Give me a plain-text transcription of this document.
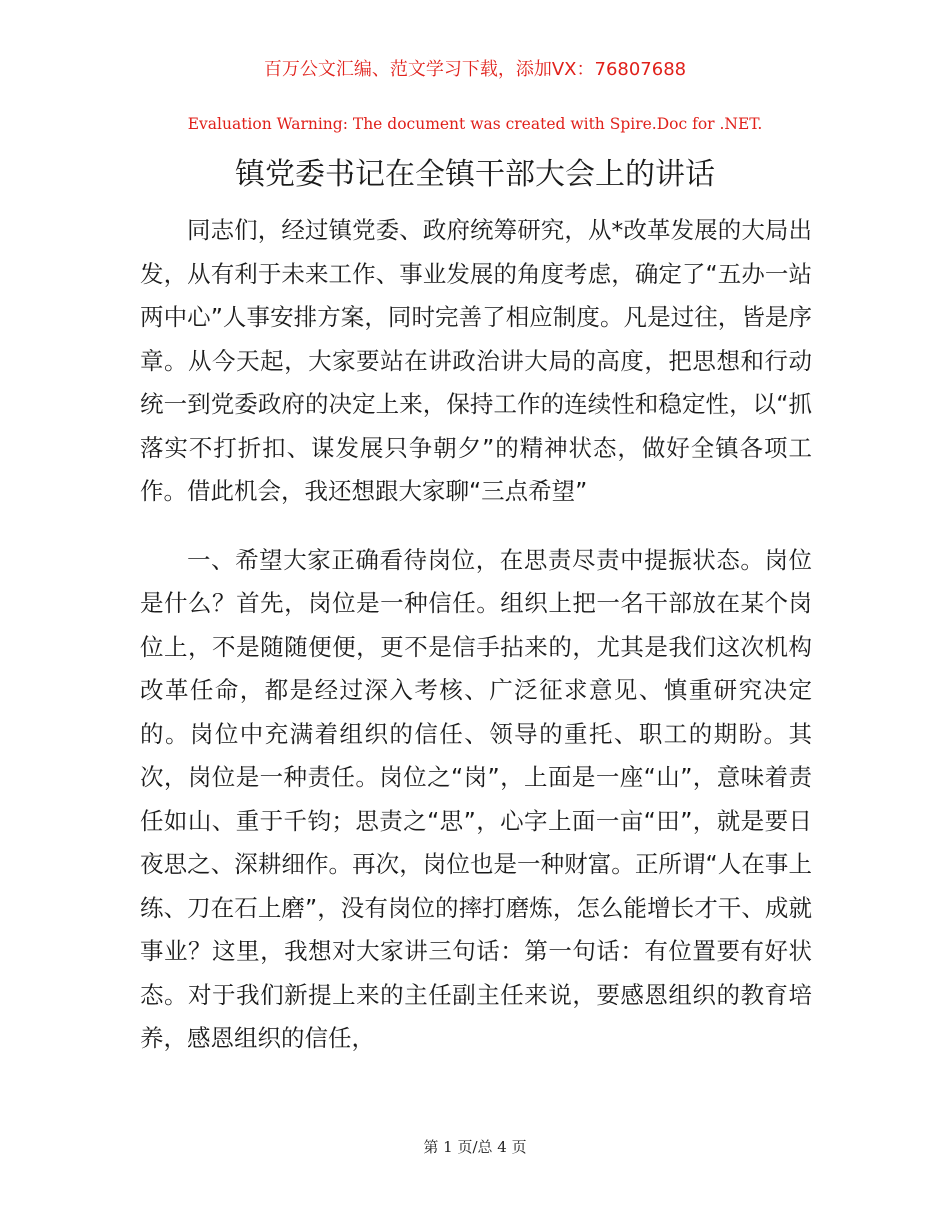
百万公文汇编、范文学习下载，添加VX：76807688
Evaluation Warning: The document was created with Spire.Doc for .NET.
镇党委书记在全镇干部大会上的讲话

同志们，经过镇党委、政府统筹研究，从*改革发展的大局出发，从有利于未来工作、事业发展的角度考虑，确定了“五办一站两中心”人事安排方案，同时完善了相应制度。凡是过往，皆是序章。从今天起，大家要站在讲政治讲大局的高度，把思想和行动统一到党委政府的决定上来，保持工作的连续性和稳定性，以“抓落实不打折扣、谋发展只争朝夕”的精神状态，做好全镇各项工作。借此机会，我还想跟大家聊“三点希望”

一、希望大家正确看待岗位，在思责尽责中提振状态。岗位是什么？首先，岗位是一种信任。组织上把一名干部放在某个岗位上，不是随随便便，更不是信手拈来的，尤其是我们这次机构改革任命，都是经过深入考核、广泛征求意见、慎重研究决定的。岗位中充满着组织的信任、领导的重托、职工的期盼。其次，岗位是一种责任。岗位之“岗”，上面是一座“山”，意味着责任如山、重于千钧；思责之“思”，心字上面一亩“田”，就是要日夜思之、深耕细作。再次，岗位也是一种财富。正所谓“人在事上练、刀在石上磨”，没有岗位的摔打磨炼，怎么能增长才干、成就事业？这里，我想对大家讲三句话：第一句话：有位置要有好状态。对于我们新提上来的主任副主任来说，要感恩组织的教育培养，感恩组织的信任，

第 1 页/总 4 页
